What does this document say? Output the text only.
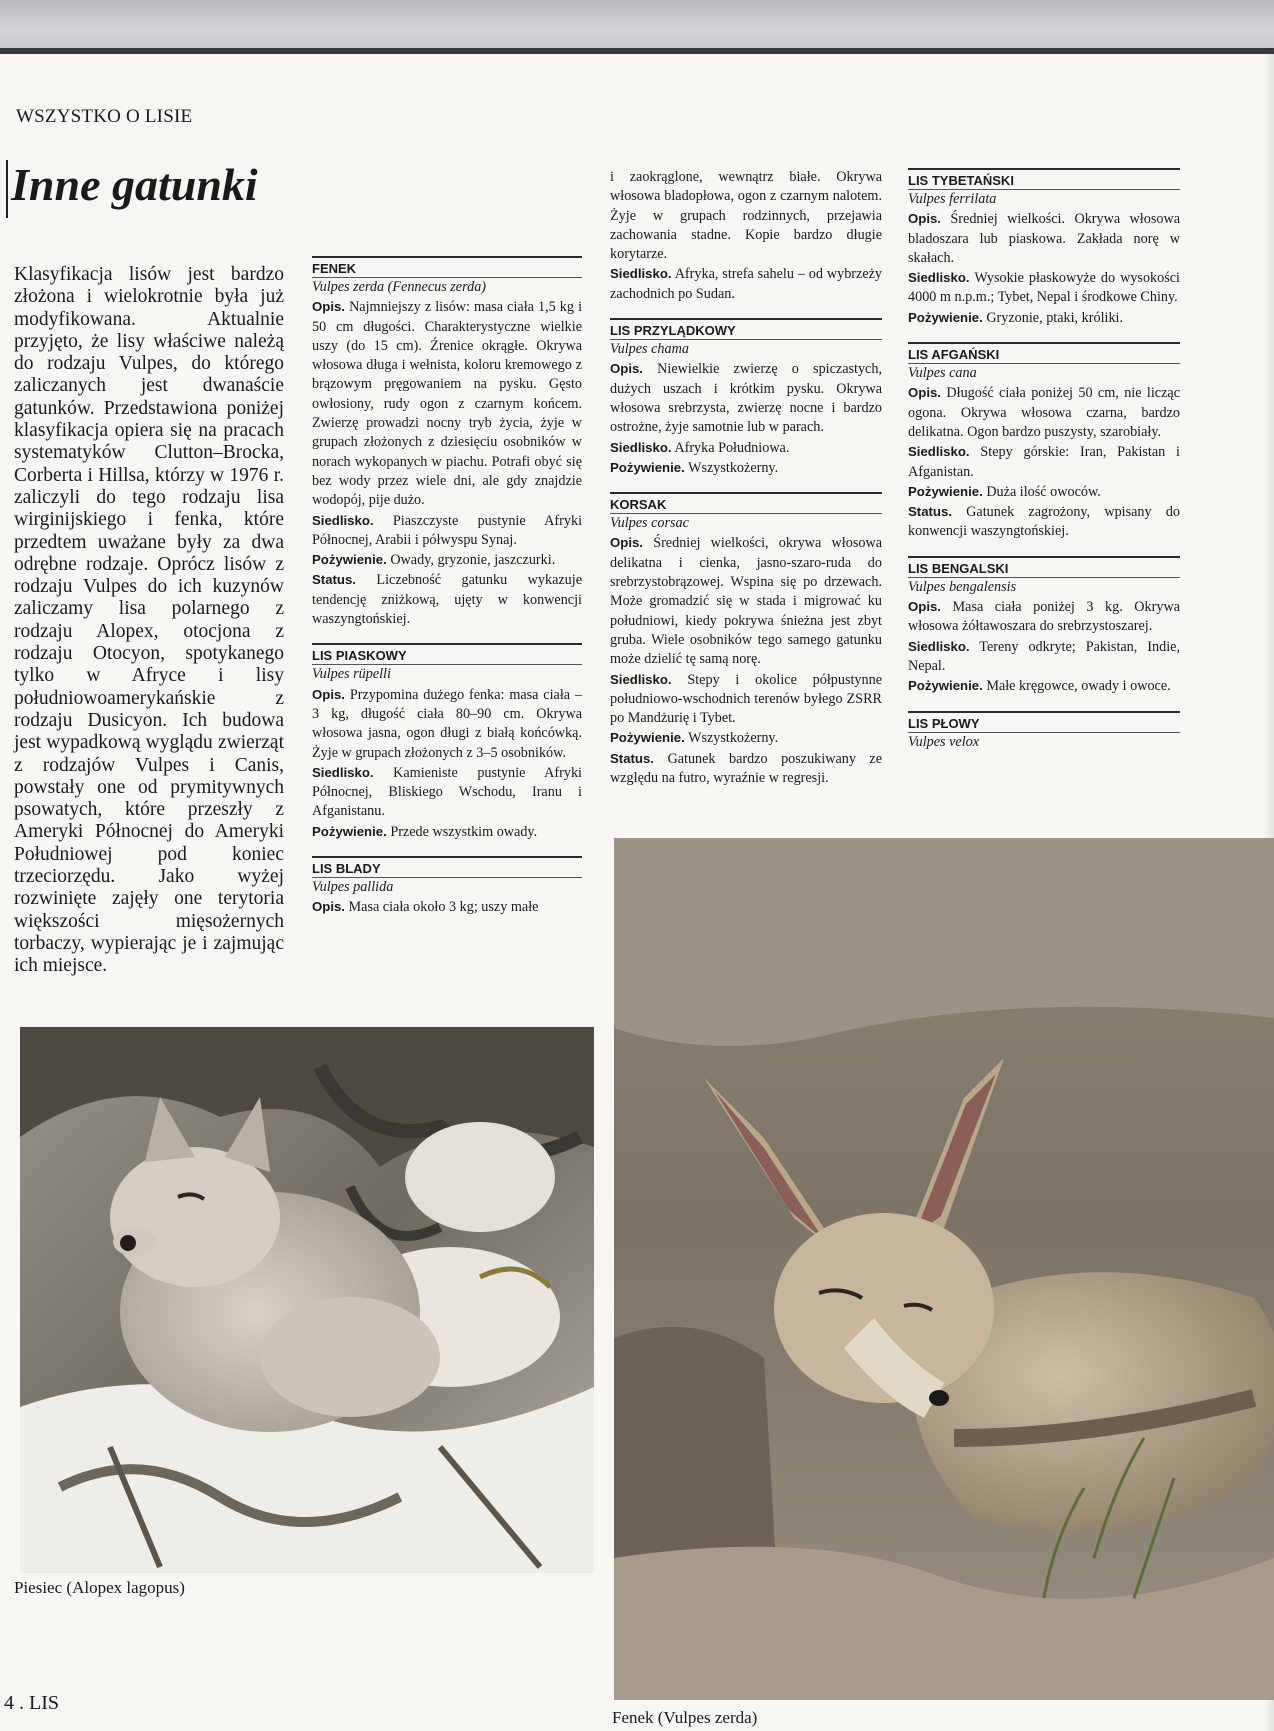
WSZYSTKO O LISIE
Inne gatunki

Klasyfikacja lisów jest bardzo złożona i wielokrotnie była już modyfikowana. Aktualnie przyjęto, że lisy właściwe należą do rodzaju Vulpes, do którego zaliczanych jest dwanaście gatunków. Przedstawiona poniżej klasyfikacja opiera się na pracach systematyków Clutton–Brocka, Corberta i Hillsa, którzy w 1976 r. zaliczyli do tego rodzaju lisa wirginijskiego i fenka, które przedtem uważane były za dwa odrębne rodzaje. Oprócz lisów z rodzaju Vulpes do ich kuzynów zaliczamy lisa polarnego z rodzaju Alopex, otocjona z rodzaju Otocyon, spotykanego tylko w Afryce i lisy południowoamerykańskie z rodzaju Dusicyon. Ich budowa jest wypadkową wyglądu zwierząt z rodzajów Vulpes i Canis, powstały one od prymitywnych psowatych, które przeszły z Ameryki Północnej do Ameryki Południowej pod koniec trzeciorzędu. Jako wyżej rozwinięte zajęły one terytoria większości mięsożernych torbaczy, wypierając je i zajmując ich miejsce.

FENEK
Vulpes zerda (Fennecus zerda)

Opis. Najmniejszy z lisów: masa ciała 1,5 kg i 50 cm długości. Charakterystyczne wielkie uszy (do 15 cm). Źrenice okrągłe. Okrywa włosowa długa i wełnista, koloru kremowego z brązowym pręgowaniem na pysku. Gęsto owłosiony, rudy ogon z czarnym końcem. Zwierzę prowadzi nocny tryb życia, żyje w grupach złożonych z dziesięciu osobników w norach wykopanych w piachu. Potrafi obyć się bez wody przez wiele dni, ale gdy znajdzie wodopój, pije dużo.

Siedlisko. Piaszczyste pustynie Afryki Północnej, Arabii i półwyspu Synaj.

Pożywienie. Owady, gryzonie, jaszczurki.

Status. Liczebność gatunku wykazuje tendencję zniżkową, ujęty w konwencji waszyngtońskiej.

LIS PIASKOWY
Vulpes rüpelli

Opis. Przypomina dużego fenka: masa ciała – 3 kg, długość ciała 80–90 cm. Okrywa włosowa jasna, ogon długi z białą końcówką. Żyje w grupach złożonych z 3–5 osobników.

Siedlisko. Kamieniste pustynie Afryki Północnej, Bliskiego Wschodu, Iranu i Afganistanu.

Pożywienie. Przede wszystkim owady.

LIS BLADY
Vulpes pallida

Opis. Masa ciała około 3 kg; uszy małe

i zaokrąglone, wewnątrz białe. Okrywa włosowa bladopłowa, ogon z czarnym nalotem. Żyje w grupach rodzinnych, przejawia zachowania stadne. Kopie bardzo długie korytarze.

Siedlisko. Afryka, strefa sahelu – od wybrzeży zachodnich po Sudan.

LIS PRZYLĄDKOWY
Vulpes chama

Opis. Niewielkie zwierzę o spiczastych, dużych uszach i krótkim pysku. Okrywa włosowa srebrzysta, zwierzę nocne i bardzo ostrożne, żyje samotnie lub w parach.

Siedlisko. Afryka Południowa.

Pożywienie. Wszystkożerny.

KORSAK
Vulpes corsac

Opis. Średniej wielkości, okrywa włosowa delikatna i cienka, jasno-szaro-ruda do srebrzystobrązowej. Wspina się po drzewach. Może gromadzić się w stada i migrować ku południowi, kiedy pokrywa śnieżna jest zbyt gruba. Wiele osobników tego samego gatunku może dzielić tę samą norę.

Siedlisko. Stepy i okolice półpustynne południowo-wschodnich terenów byłego ZSRR po Mandżurię i Tybet.

Pożywienie. Wszystkożerny.

Status. Gatunek bardzo poszukiwany ze względu na futro, wyraźnie w regresji.

LIS TYBETAŃSKI
Vulpes ferrilata

Opis. Średniej wielkości. Okrywa włosowa bladoszara lub piaskowa. Zakłada norę w skałach.

Siedlisko. Wysokie płaskowyże do wysokości 4000 m n.p.m.; Tybet, Nepal i środkowe Chiny.

Pożywienie. Gryzonie, ptaki, króliki.

LIS AFGAŃSKI
Vulpes cana

Opis. Długość ciała poniżej 50 cm, nie licząc ogona. Okrywa włosowa czarna, bardzo delikatna. Ogon bardzo puszysty, szarobiały.

Siedlisko. Stepy górskie: Iran, Pakistan i Afganistan.

Pożywienie. Duża ilość owoców.

Status. Gatunek zagrożony, wpisany do konwencji waszyngtońskiej.

LIS BENGALSKI
Vulpes bengalensis

Opis. Masa ciała poniżej 3 kg. Okrywa włosowa żółtawoszara do srebrzystoszarej.

Siedlisko. Tereny odkryte; Pakistan, Indie, Nepal.

Pożywienie. Małe kręgowce, owady i owoce.

LIS PŁOWY
Vulpes velox
Piesiec (Alopex lagopus)
Fenek (Vulpes zerda)
4 . LIS
